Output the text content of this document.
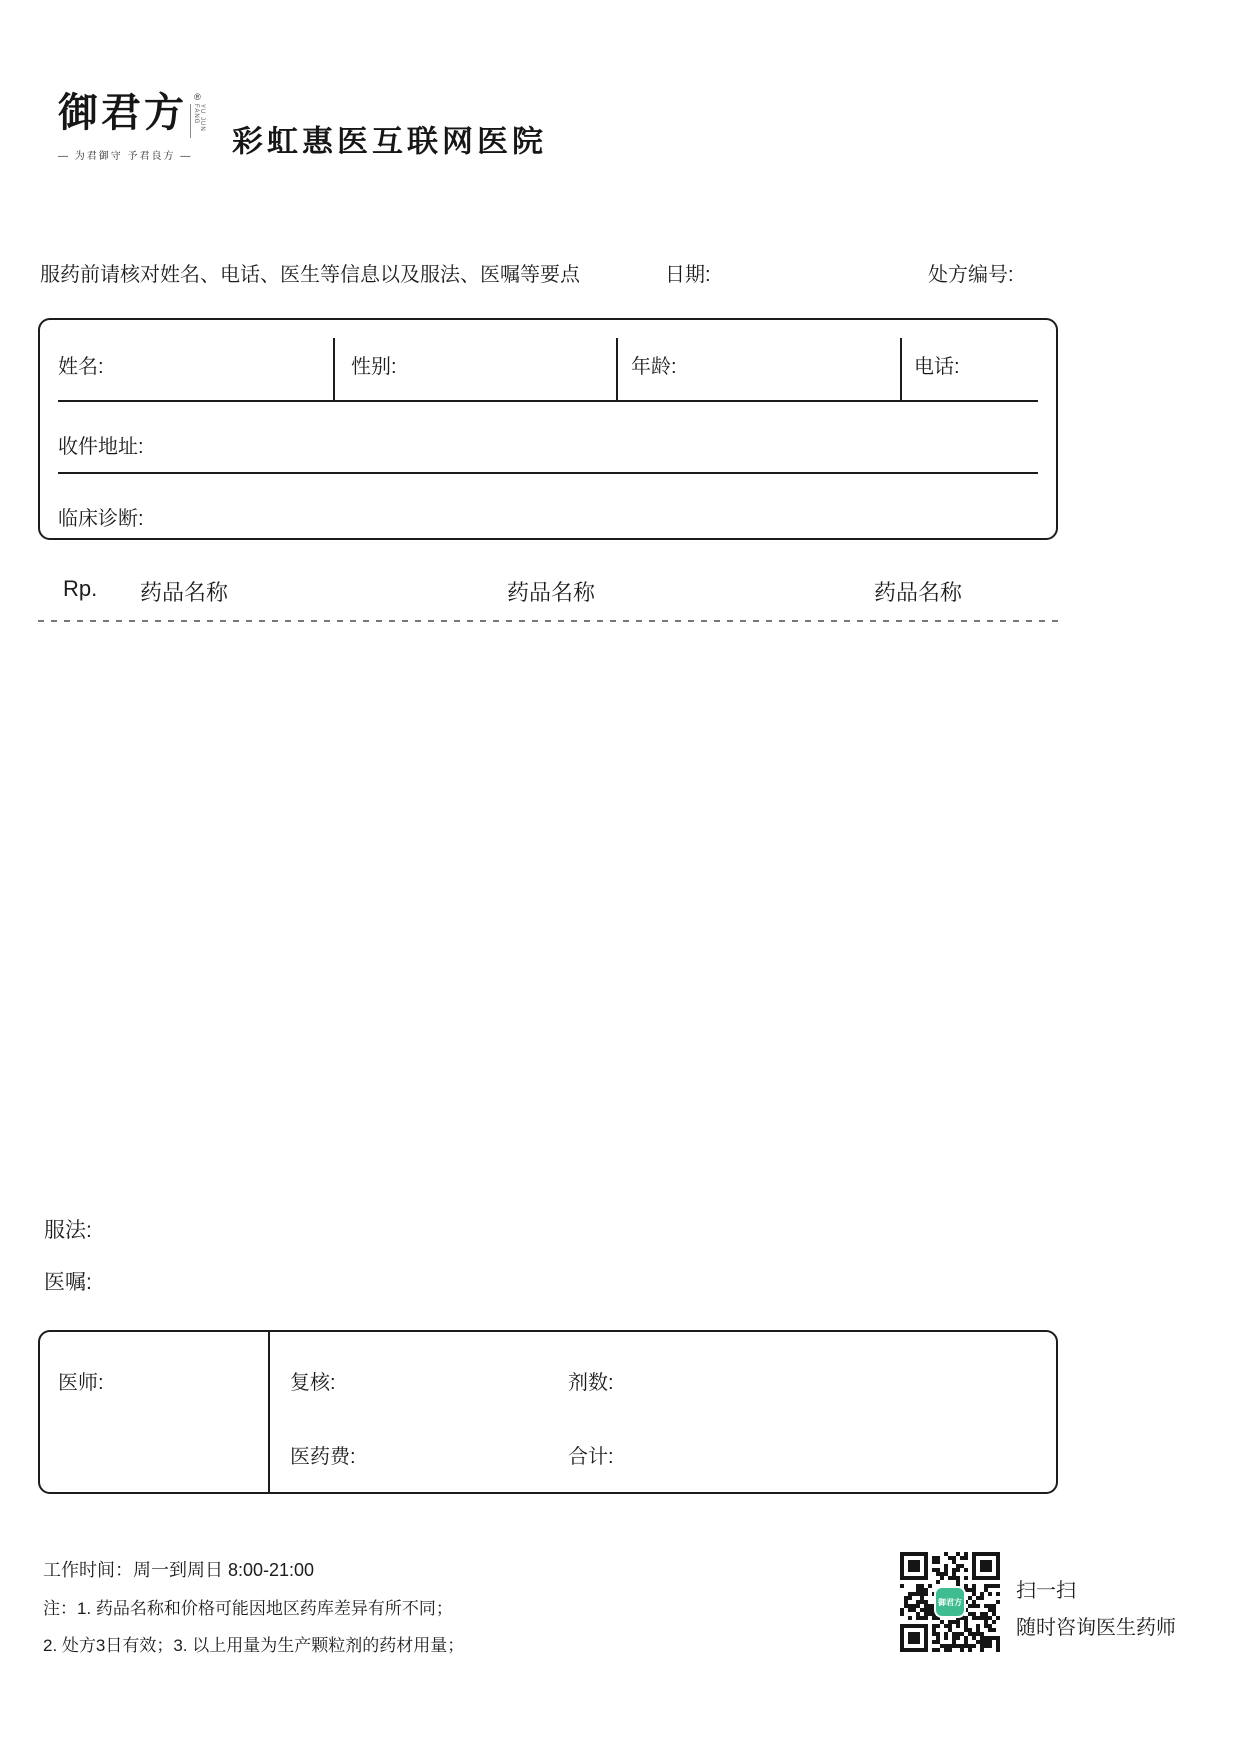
御君方 ®
YU JUN FANG
— 为君御守 予君良方 —	彩虹惠医互联网医院
服药前请核对姓名、电话、医生等信息以及服法、医嘱等要点	日期:	处方编号:
姓名:	性别:	年龄:	电话:
收件地址:
临床诊断:
Rp. 药品名称	药品名称	药品名称
服法:
医嘱:
医师:	复核:	剂数:
医药费:	合计:
工作时间：周一到周日 8:00-21:00
注：1. 药品名称和价格可能因地区药库差异有所不同；
2. 处方3日有效；3. 以上用量为生产颗粒剂的药材用量；
御君方	扫一扫
随时咨询医生药师
